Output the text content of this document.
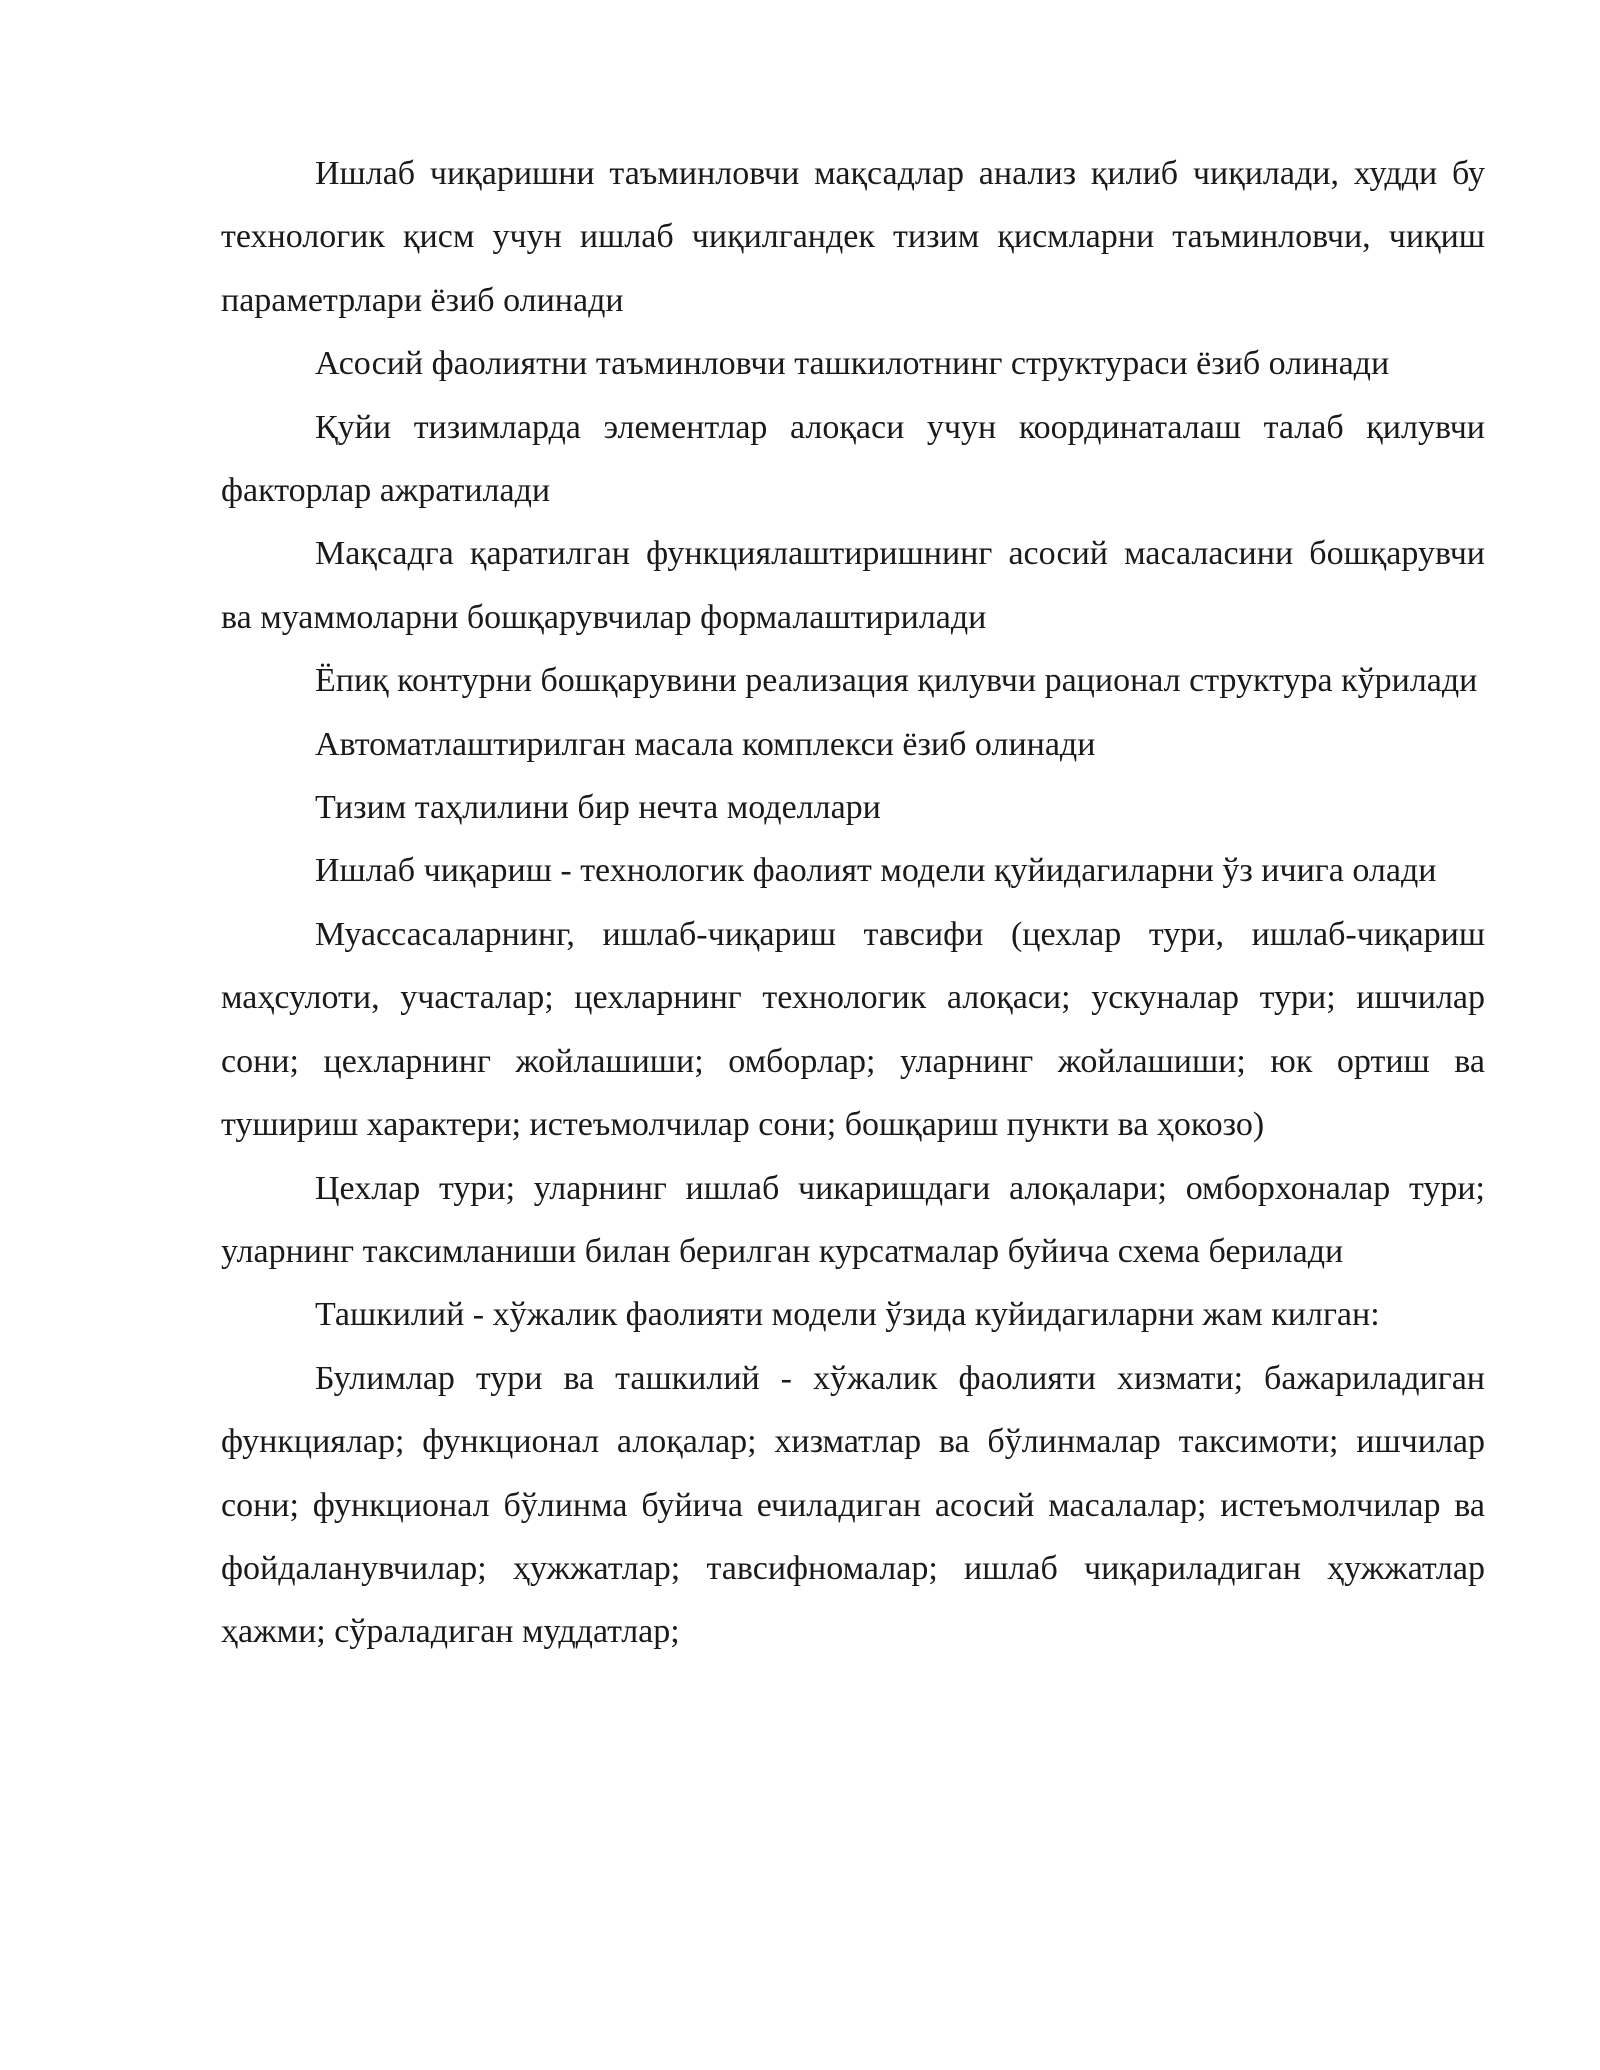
Ишлаб чиқаришни таъминловчи мақсадлар анализ қилиб чиқилади, худди бу технологик қисм учун ишлаб чиқилгандек тизим қисмларни таъминловчи, чиқиш параметрлари ёзиб олинади

Асосий фаолиятни таъминловчи ташкилотнинг структураси ёзиб олинади

Қуйи тизимларда элементлар алоқаси учун координаталаш талаб қилувчи факторлар ажратилади

Мақсадга қаратилган функциялаштиришнинг асосий масаласини бошқарувчи ва муаммоларни бошқарувчилар формалаштирилади

Ёпиқ контурни бошқарувини реализация қилувчи рационал структура кўрилади

Автоматлаштирилган масала комплекси ёзиб олинади

Тизим таҳлилини бир нечта моделлари

Ишлаб чиқариш - технологик фаолият модели қуйидагиларни ўз ичига олади

Муассасаларнинг, ишлаб-чиқариш тавсифи (цехлар тури, ишлаб-чиқариш маҳсулоти, участалар; цехларнинг технологик алоқаси; ускуналар тури; ишчилар сони; цехларнинг жойлашиши; омборлар; уларнинг жойлашиши; юк ортиш ва тушириш характери; истеъмолчилар сони; бошқариш пункти ва ҳокозо)

Цехлар тури; уларнинг ишлаб чикаришдаги алоқалари; омборхоналар тури; уларнинг таксимланиши билан берилган курсатмалар буйича схема берилади

Ташкилий - хўжалик фаолияти модели ўзида куйидагиларни жам килган:

Булимлар тури ва ташкилий - хўжалик фаолияти хизмати; бажариладиган функциялар; функционал алоқалар; хизматлар ва бўлинмалар таксимоти; ишчилар сони; функционал бўлинма буйича ечиладиган асосий масалалар; истеъмолчилар ва фойдаланувчилар; ҳужжатлар; тавсифномалар; ишлаб чиқариладиган ҳужжатлар ҳажми; сўраладиган муддатлар;
